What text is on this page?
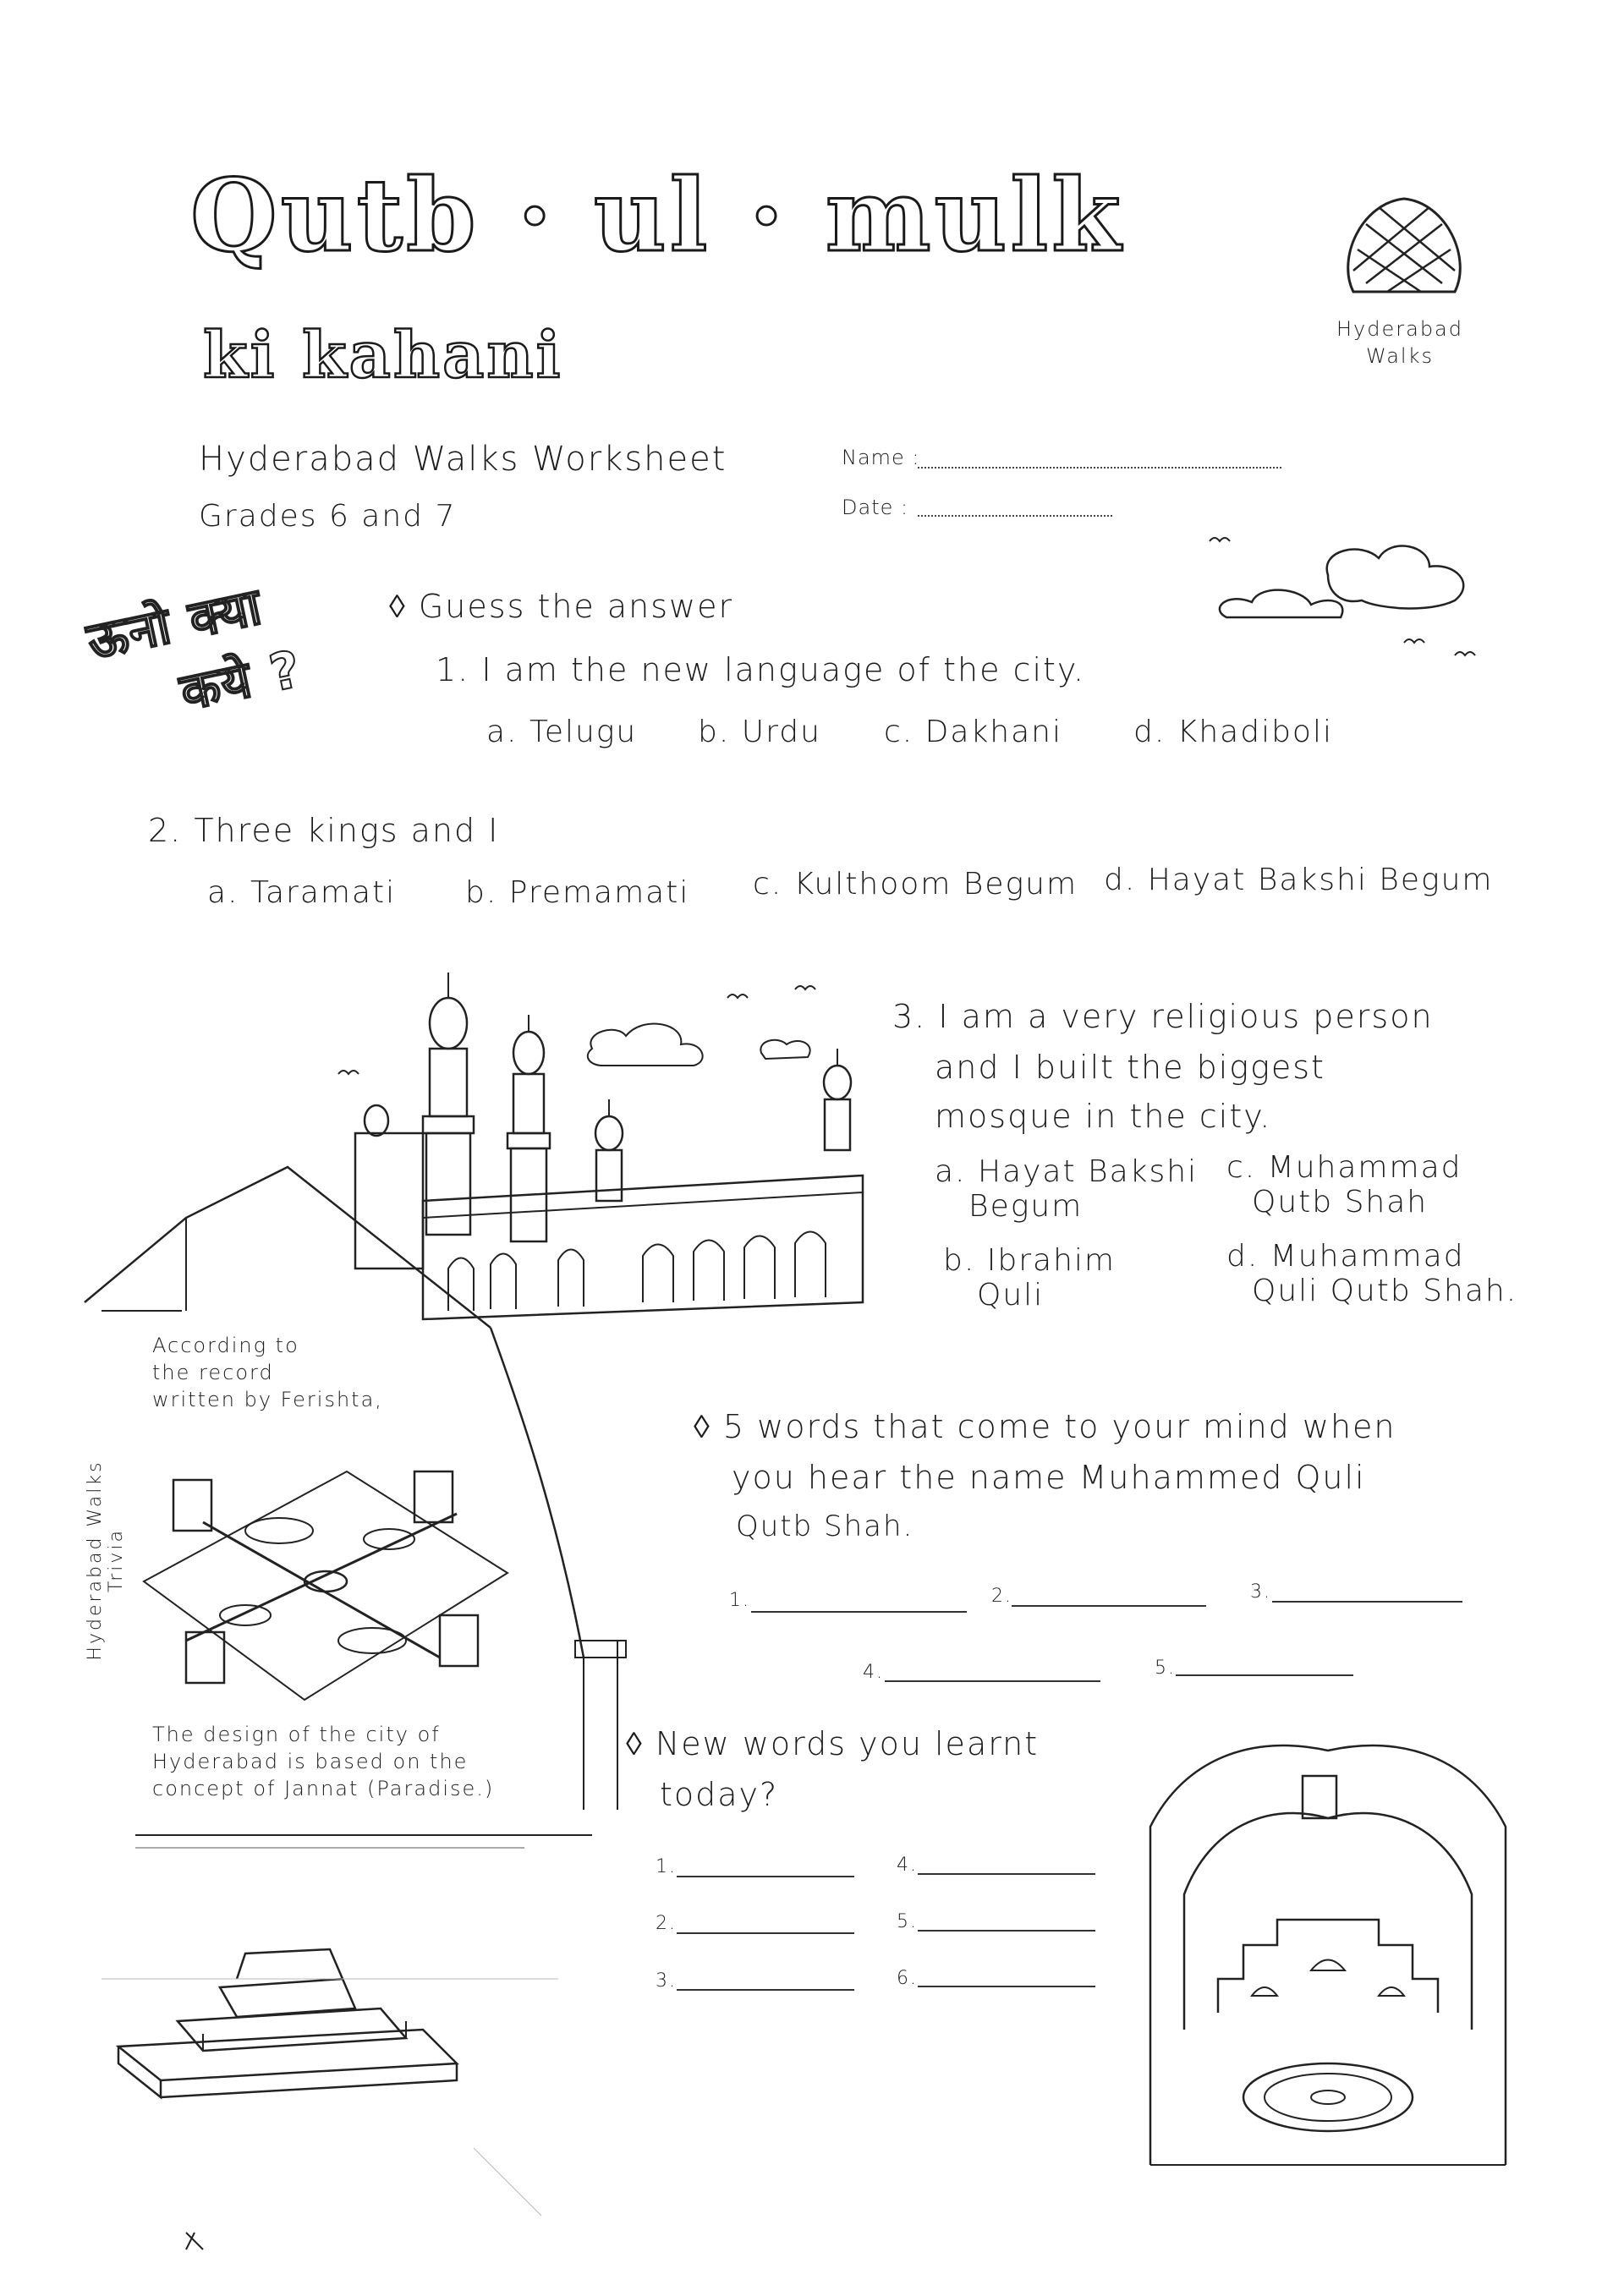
Qutb · ul · mulk
ki kahani	Hyderabad
Walks
Hyderabad Walks Worksheet
Grades 6 and 7
Name :
Date :
ऊनो क्या
कये ?
◊ Guess the answer
1. I am the new language of the city.
a. Telugu b. Urdu c. Dakhani d. Khadiboli
2. Three kings and I
a. Taramati b. Premamati c. Kulthoom Begum d. Hayat Bakshi Begum
3. I am a very religious person
and I built the biggest
mosque in the city.
a. Hayat Bakshi
Begum
c. Muhammad
Qutb Shah
b. Ibrahim
Quli
d. Muhammad
Quli Qutb Shah.
Hyderabad Walks Trivia
According to
the record
written by Ferishta,
The design of the city of
Hyderabad is based on the
concept of Jannat (Paradise.)
◊ 5 words that come to your mind when
you hear the name Muhammed Quli
Qutb Shah.
1.	2.	3.
4.	5.
◊ New words you learnt
today?
1.
2.
3.
4.
5.
6.
